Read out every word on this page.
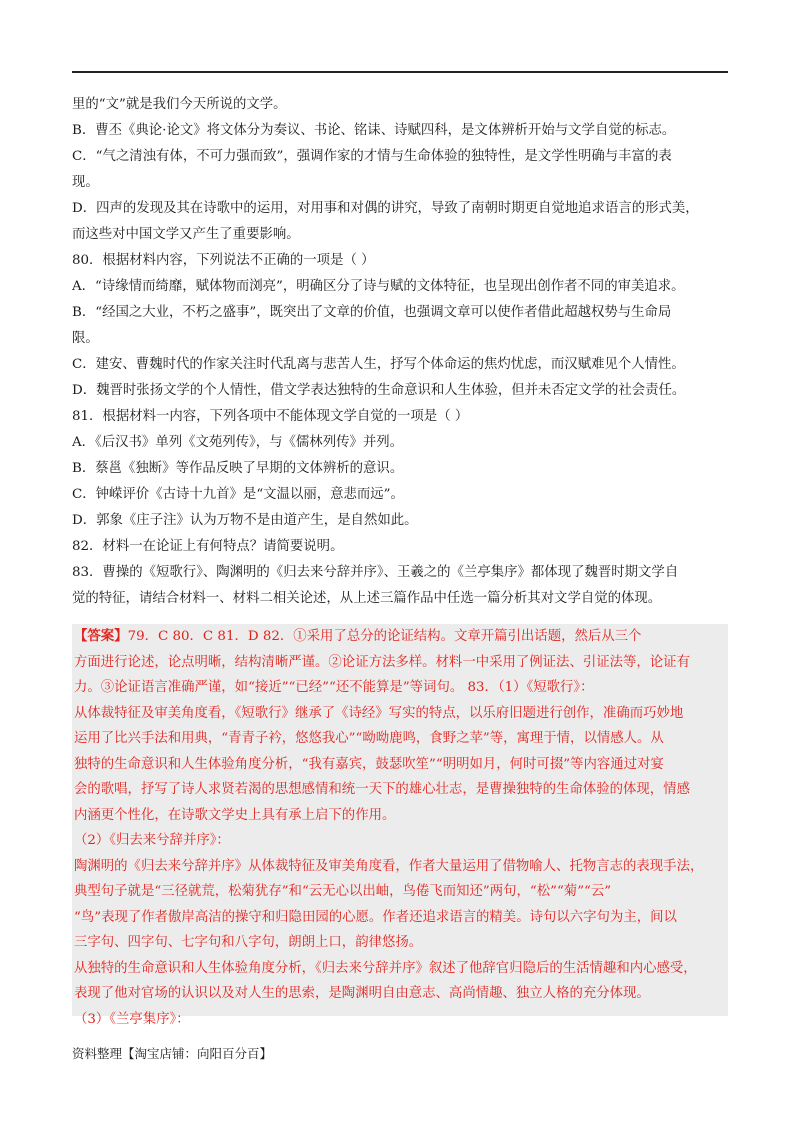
里的“文”就是我们今天所说的文学。
B．曹丕《典论·论文》将文体分为奏议、书论、铭诔、诗赋四科，是文体辨析开始与文学自觉的标志。
C．“气之清浊有体，不可力强而致”，强调作家的才情与生命体验的独特性，是文学性明确与丰富的表
现。
D．四声的发现及其在诗歌中的运用，对用事和对偶的讲究，导致了南朝时期更自觉地追求语言的形式美，
而这些对中国文学又产生了重要影响。
80．根据材料内容，下列说法不正确的一项是（ ）
A．“诗缘情而绮靡，赋体物而浏亮”，明确区分了诗与赋的文体特征，也呈现出创作者不同的审美追求。
B．“经国之大业，不朽之盛事”，既突出了文章的价值，也强调文章可以使作者借此超越权势与生命局
限。
C．建安、曹魏时代的作家关注时代乱离与悲苦人生，抒写个体命运的焦灼忧虑，而汉赋难见个人情性。
D．魏晋时张扬文学的个人情性，借文学表达独特的生命意识和人生体验，但并未否定文学的社会责任。
81．根据材料一内容，下列各项中不能体现文学自觉的一项是（ ）
A．《后汉书》单列《文苑列传》，与《儒林列传》并列。
B．蔡邕《独断》等作品反映了早期的文体辨析的意识。
C．钟嵘评价《古诗十九首》是“文温以丽，意悲而远”。
D．郭象《庄子注》认为万物不是由道产生，是自然如此。
82．材料一在论证上有何特点？请简要说明。
83．曹操的《短歌行》、陶渊明的《归去来兮辞并序》、王羲之的《兰亭集序》都体现了魏晋时期文学自
觉的特征，请结合材料一、材料二相关论述，从上述三篇作品中任选一篇分析其对文学自觉的体现。
【答案】79．C 80．C 81．D 82．①采用了总分的论证结构。文章开篇引出话题，然后从三个
方面进行论述，论点明晰，结构清晰严谨。②论证方法多样。材料一中采用了例证法、引证法等，论证有
力。③论证语言准确严谨，如“接近”“已经”“还不能算是”等词句。 83．（1）《短歌行》：
从体裁特征及审美角度看，《短歌行》继承了《诗经》写实的特点，以乐府旧题进行创作，准确而巧妙地
运用了比兴手法和用典，“青青子衿，悠悠我心”“呦呦鹿鸣，食野之苹”等，寓理于情，以情感人。从
独特的生命意识和人生体验角度分析，“我有嘉宾，鼓瑟吹笙”“明明如月，何时可掇”等内容通过对宴
会的歌唱，抒写了诗人求贤若渴的思想感情和统一天下的雄心壮志，是曹操独特的生命体验的体现，情感
内涵更个性化，在诗歌文学史上具有承上启下的作用。
（2）《归去来兮辞并序》：
陶渊明的《归去来兮辞并序》从体裁特征及审美角度看，作者大量运用了借物喻人、托物言志的表现手法，
典型句子就是“三径就荒，松菊犹存”和“云无心以出岫，鸟倦飞而知还”两句，“松”“菊”“云”
“鸟”表现了作者傲岸高洁的操守和归隐田园的心愿。作者还追求语言的精美。诗句以六字句为主，间以
三字句、四字句、七字句和八字句，朗朗上口，韵律悠扬。
从独特的生命意识和人生体验角度分析，《归去来兮辞并序》叙述了他辞官归隐后的生活情趣和内心感受，
表现了他对官场的认识以及对人生的思索，是陶渊明自由意志、高尚情趣、独立人格的充分体现。
（3）《兰亭集序》：
资料整理【淘宝店铺：向阳百分百】
